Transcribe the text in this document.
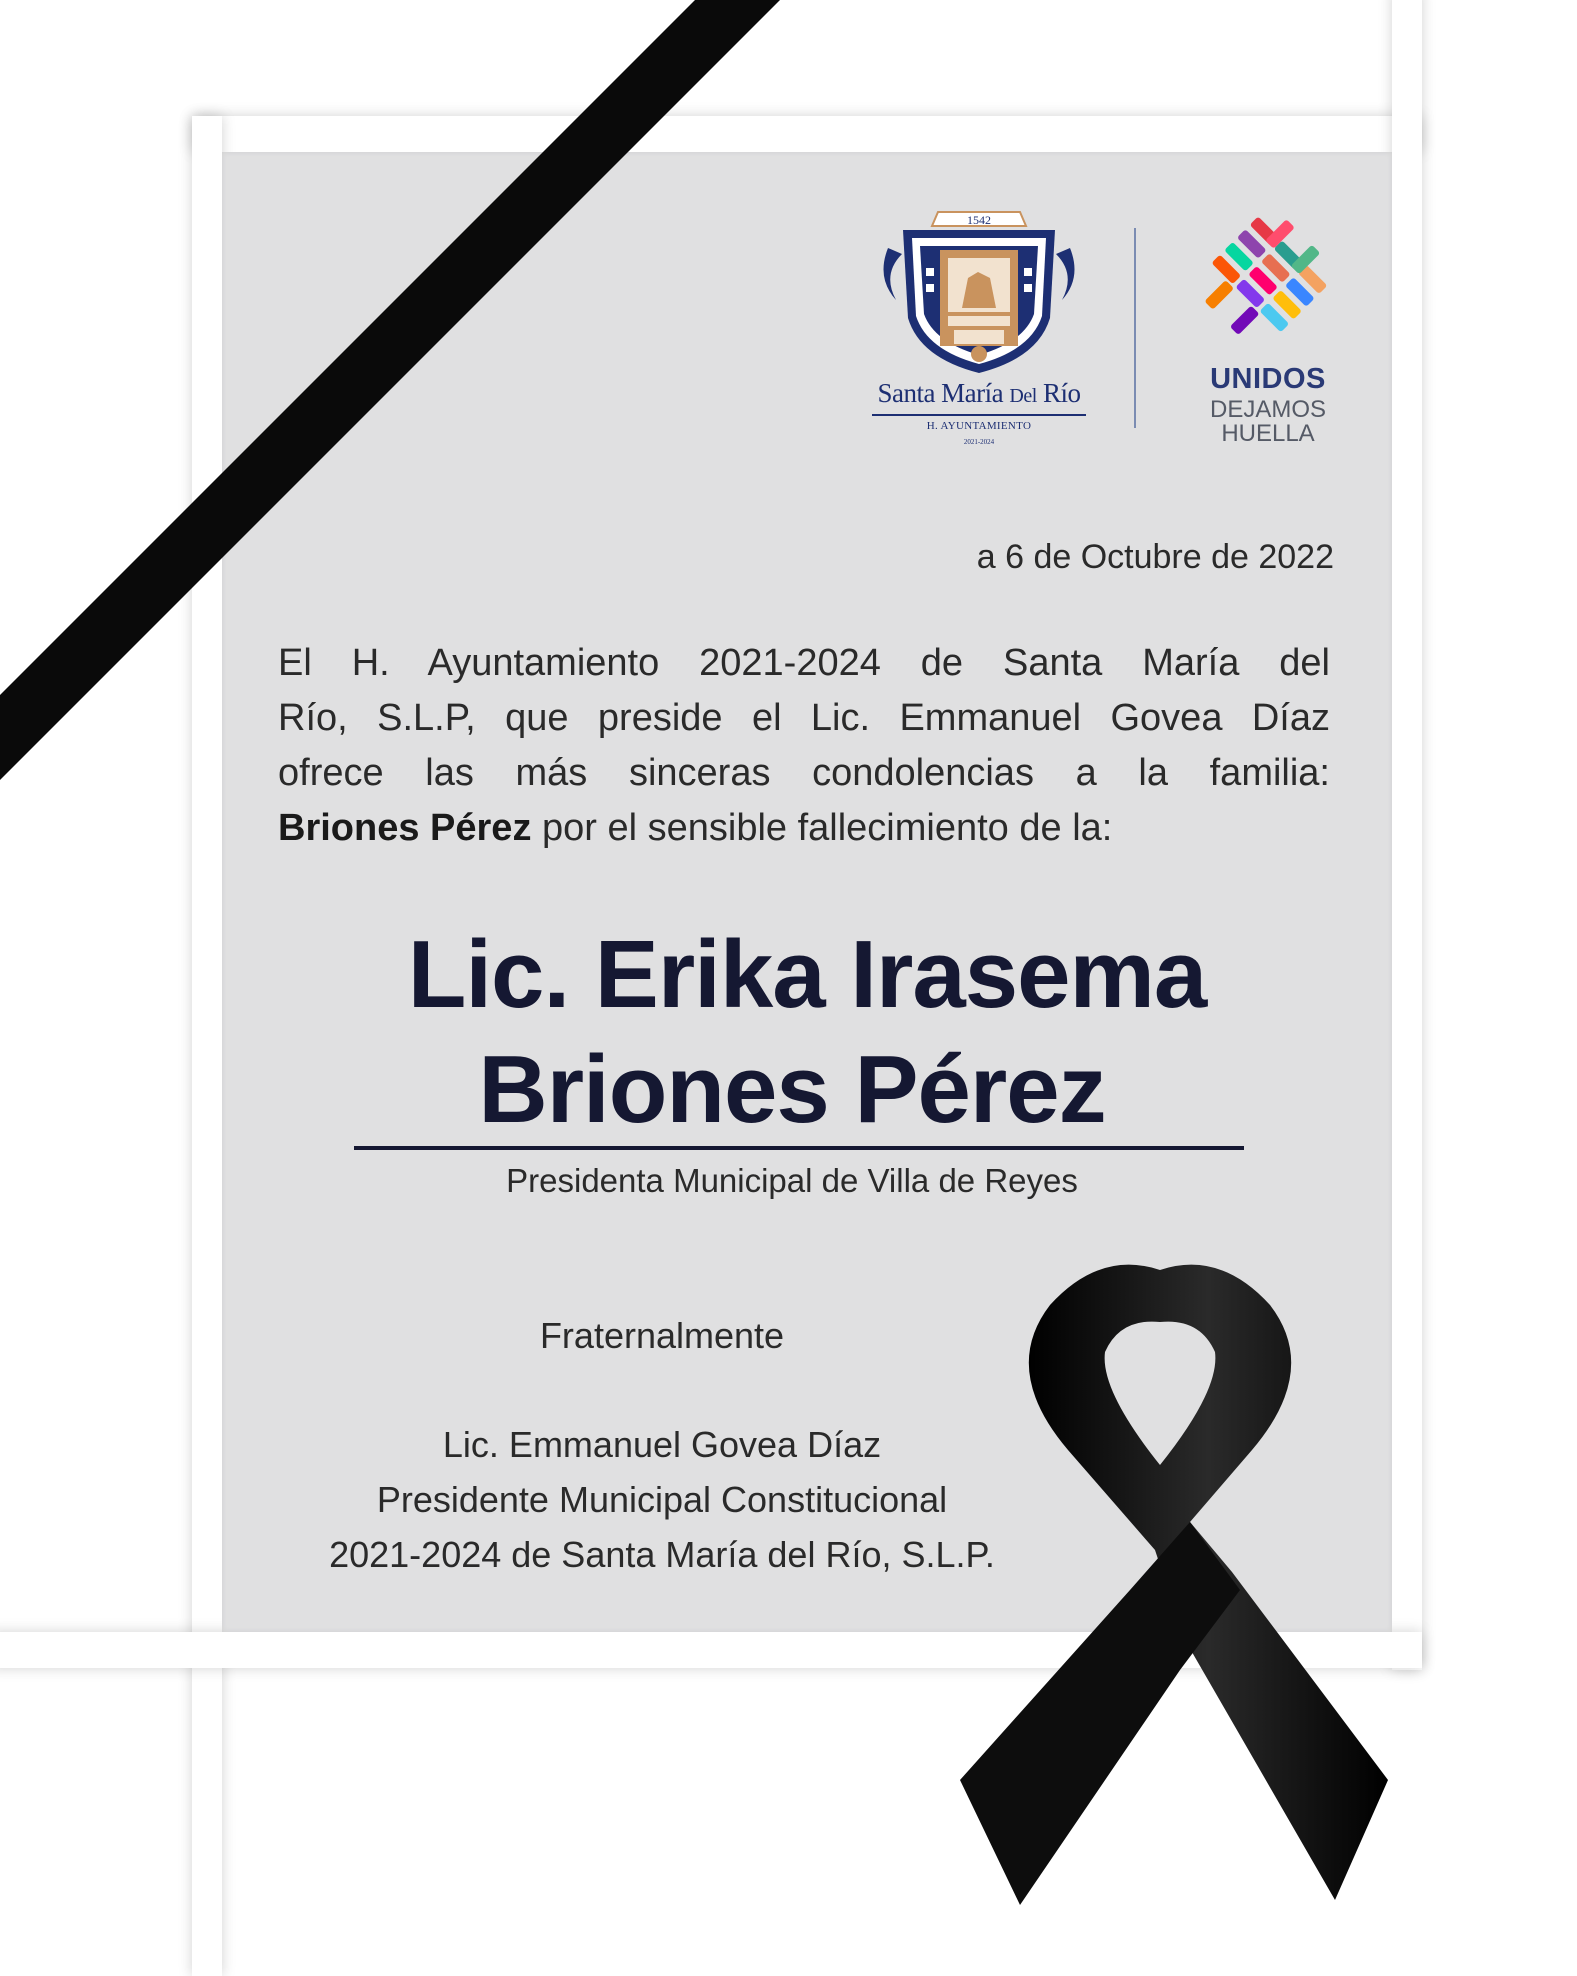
1542
Santa María Del Río
H. AYUNTAMIENTO
2021-2024
UNIDOS
DEJAMOS
HUELLA
a 6 de Octubre de 2022
El H. Ayuntamiento 2021-2024 de Santa María del
Río, S.L.P, que preside el Lic. Emmanuel Govea Díaz
ofrece las más sinceras condolencias a la familia:
Briones Pérez por el sensible fallecimiento de la:
Lic. Erika Irasema
Briones Pérez
Presidenta Municipal de Villa de Reyes
Fraternalmente
Lic. Emmanuel Govea Díaz
Presidente Municipal Constitucional
2021-2024 de Santa María del Río, S.L.P.
